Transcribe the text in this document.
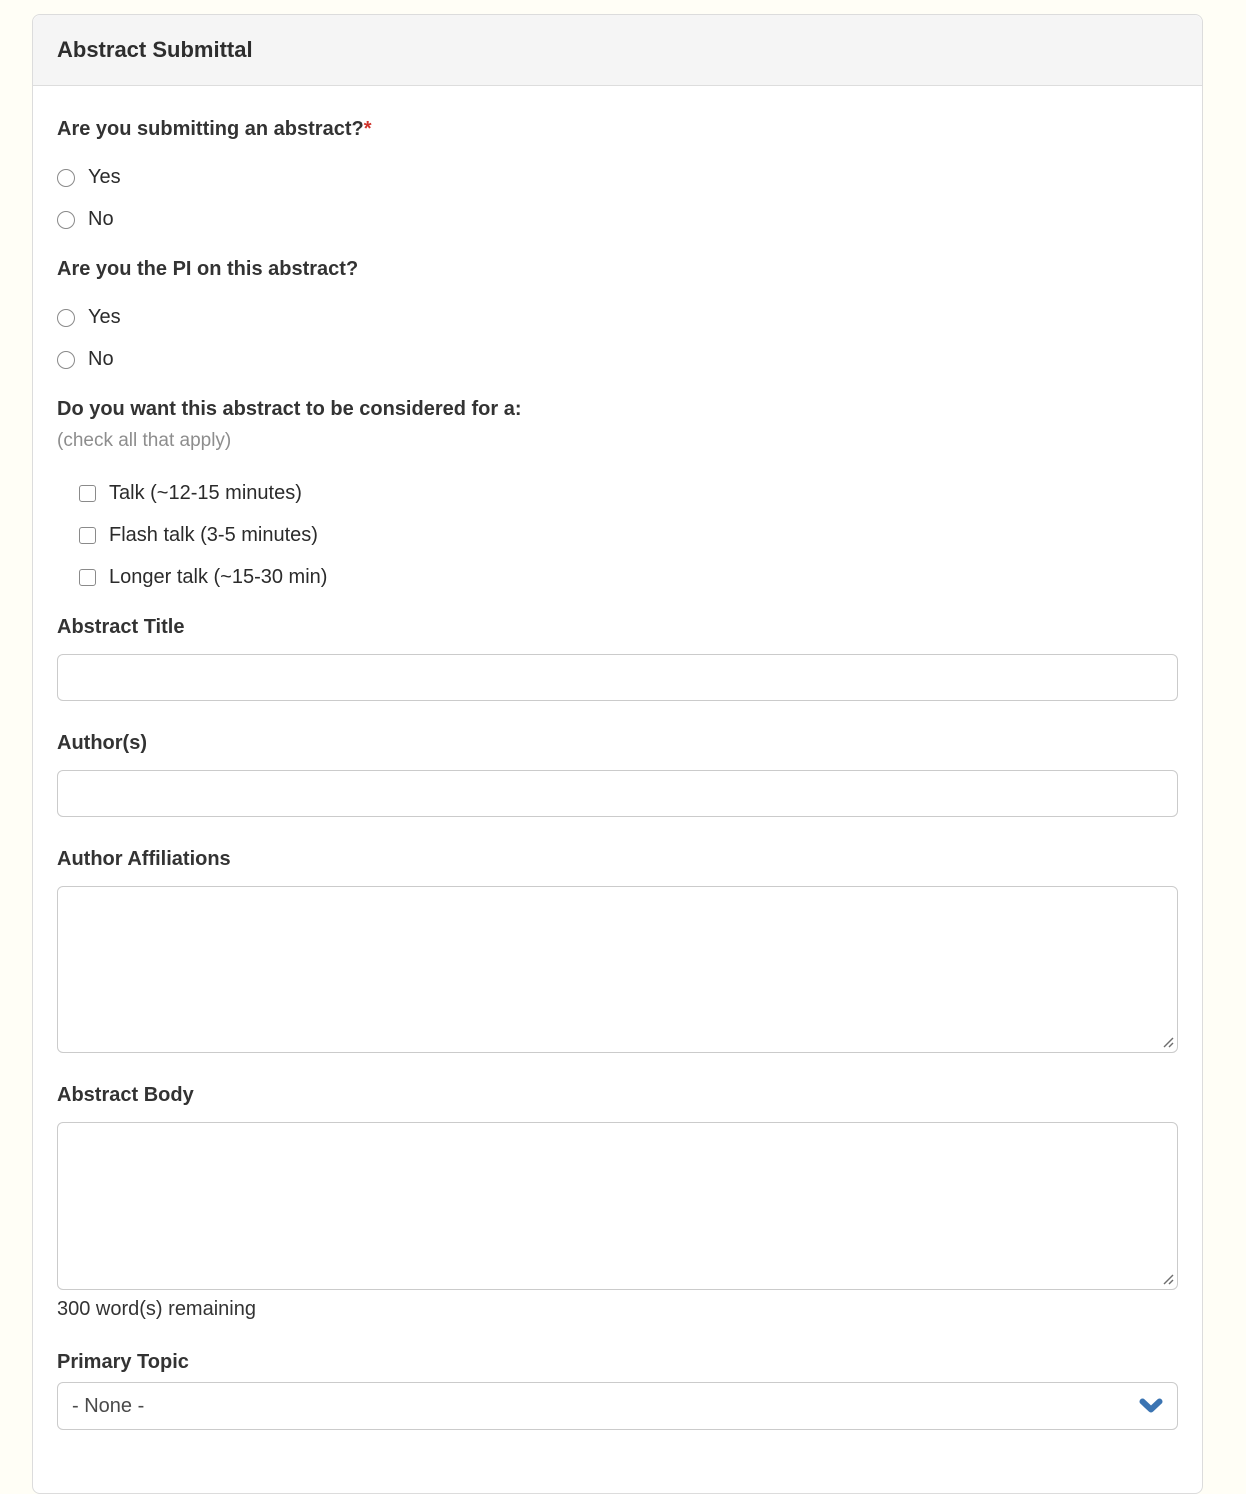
Abstract Submittal
Are you submitting an abstract?*
Yes
No
Are you the PI on this abstract?
Yes
No
Do you want this abstract to be considered for a:
(check all that apply)
Talk (~12-15 minutes)
Flash talk (3-5 minutes)
Longer talk (~15-30 min)
Abstract Title
Author(s)
Author Affiliations
Abstract Body
300 word(s) remaining
Primary Topic
- None -
